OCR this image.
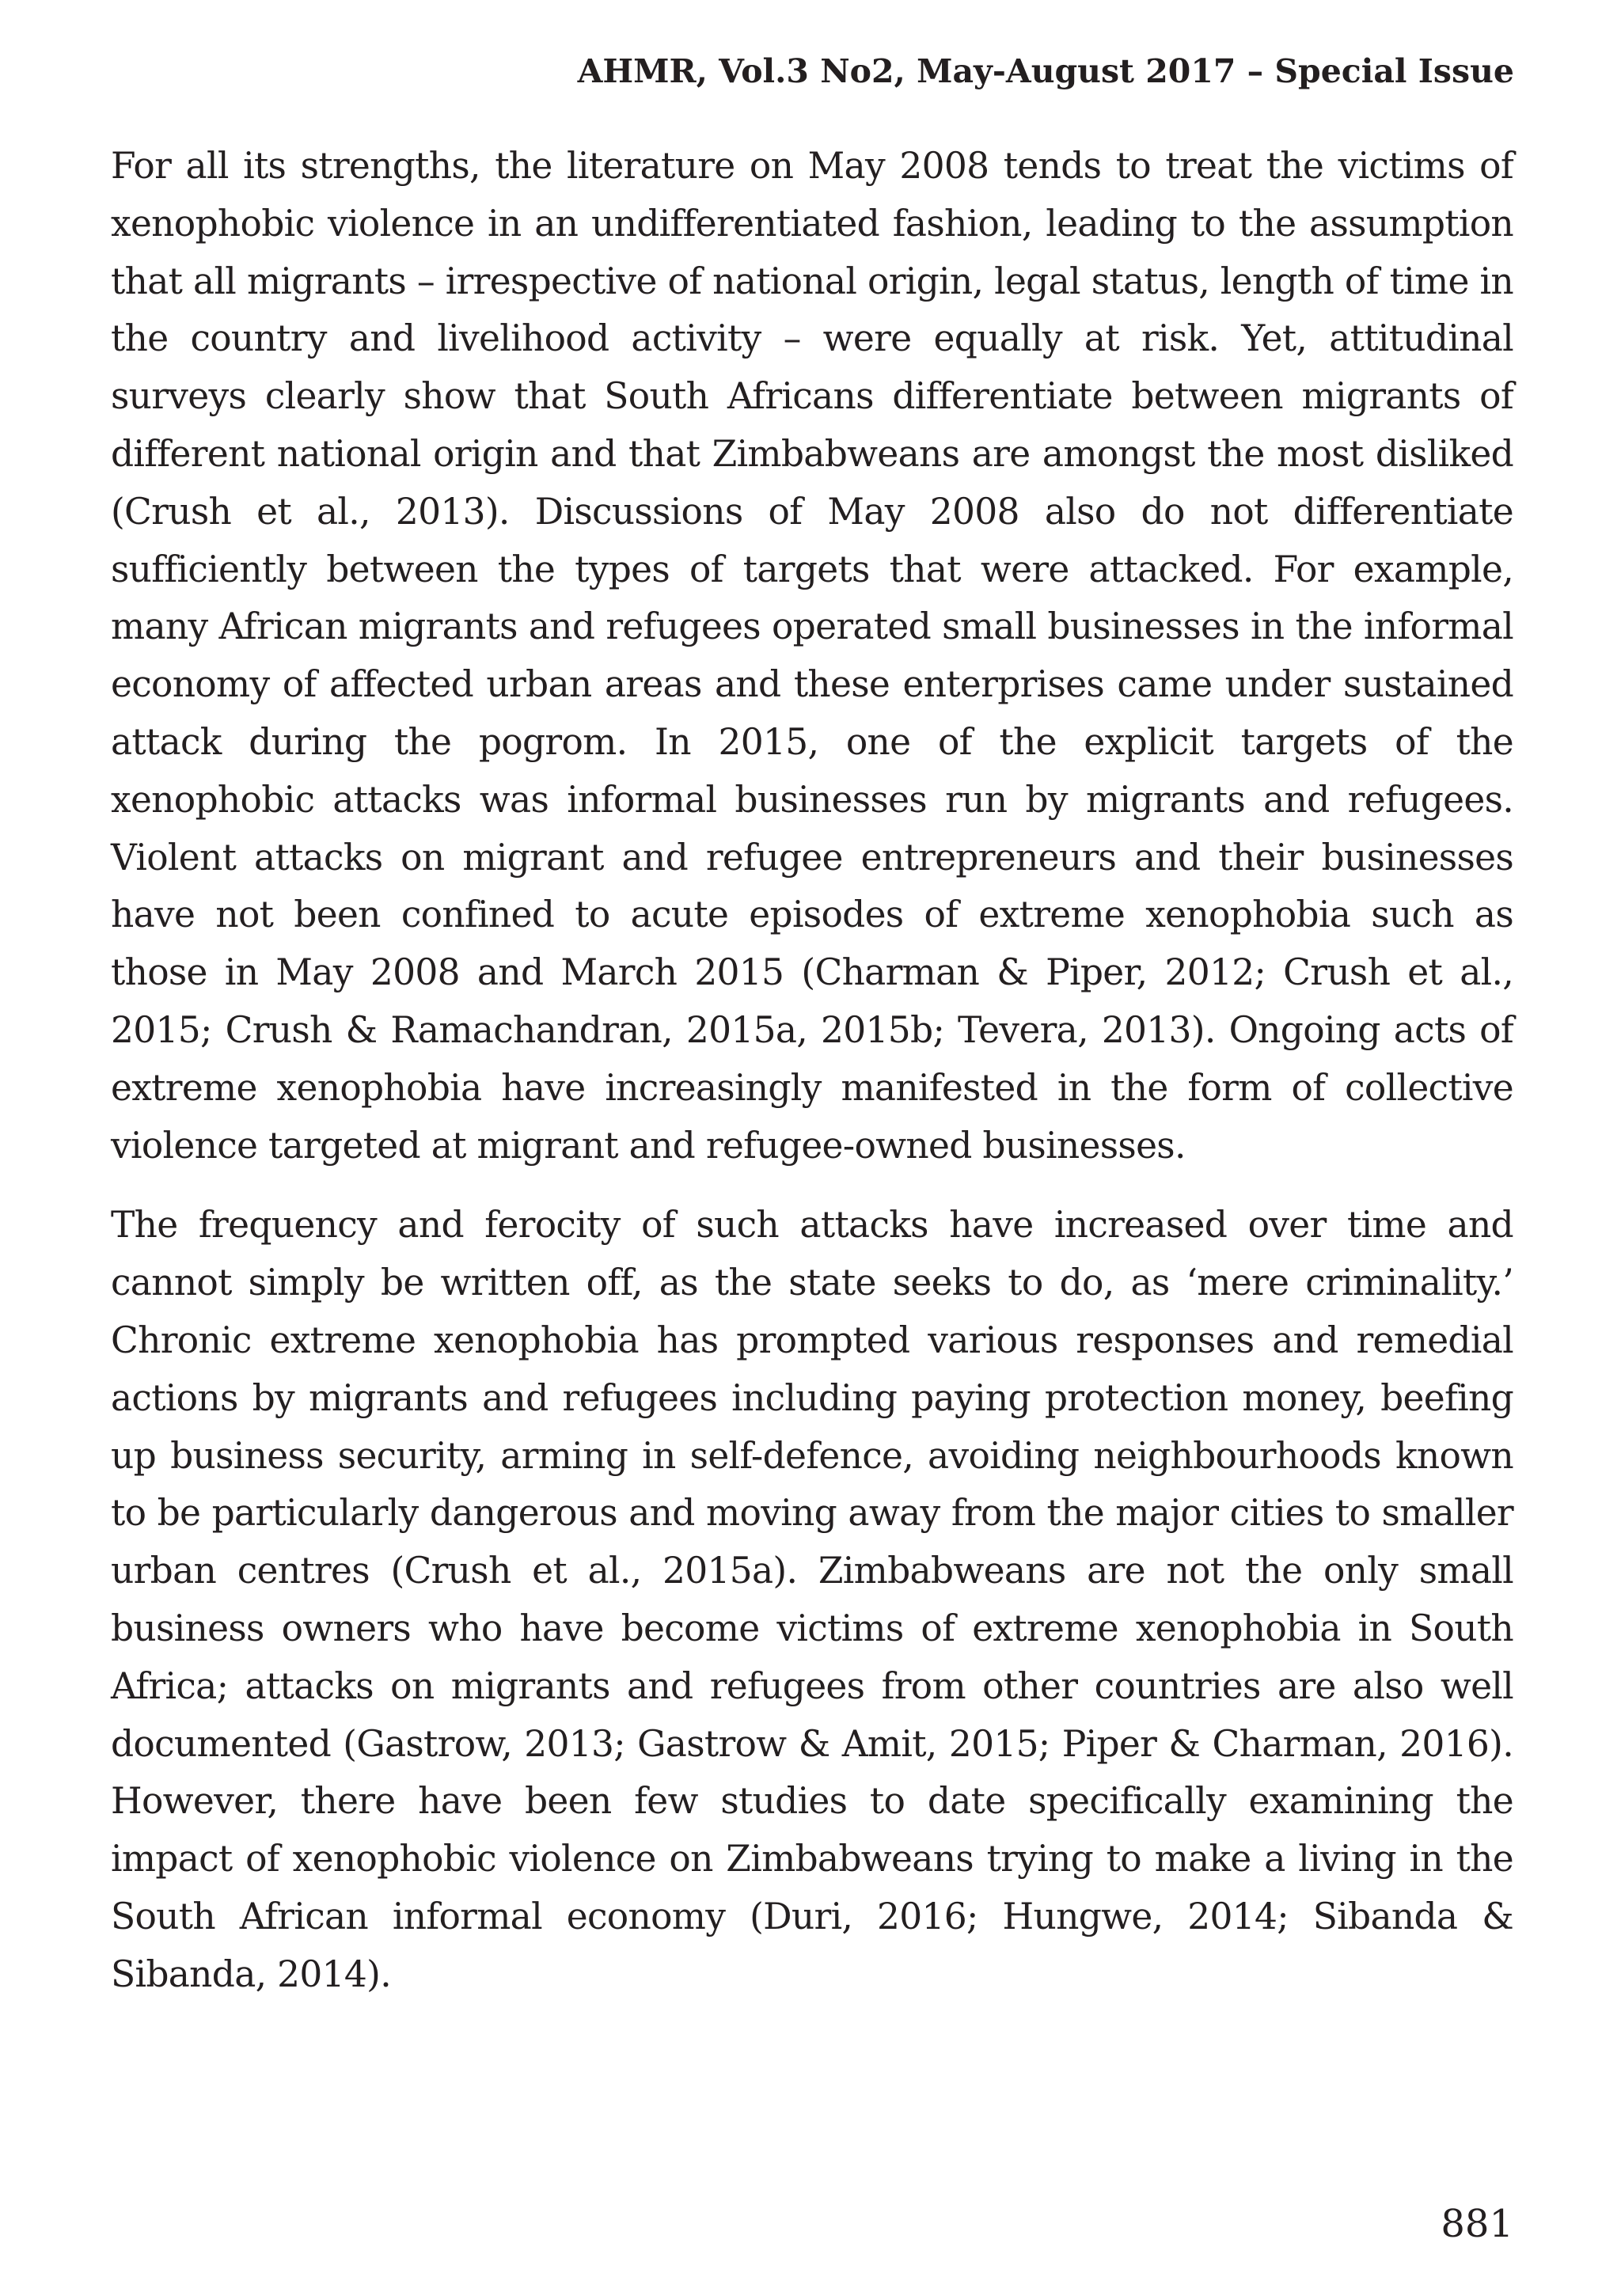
AHMR, Vol.3 No2, May-August 2017 – Special Issue

For all its strengths, the literature on May 2008 tends to treat the victims of xenophobic violence in an undifferentiated fashion, leading to the assumption that all migrants – irrespective of national origin, legal status, length of time in the country and livelihood activity – were equally at risk. Yet, attitudinal surveys clearly show that South Africans differentiate between migrants of different national origin and that Zimbabweans are amongst the most disliked (Crush et al., 2013). Discussions of May 2008 also do not differentiate sufficiently between the types of targets that were attacked. For example, many African migrants and refugees operated small businesses in the informal economy of affected urban areas and these enterprises came under sustained attack during the pogrom. In 2015, one of the explicit targets of the xenophobic attacks was informal businesses run by migrants and refugees. Violent attacks on migrant and refugee entrepreneurs and their businesses have not been confined to acute episodes of extreme xenophobia such as those in May 2008 and March 2015 (Charman & Piper, 2012; Crush et al., 2015; Crush & Ramachandran, 2015a, 2015b; Tevera, 2013). Ongoing acts of extreme xenophobia have increasingly manifested in the form of collective violence targeted at migrant and refugee-owned businesses.

The frequency and ferocity of such attacks have increased over time and cannot simply be written off, as the state seeks to do, as ‘mere criminality.’ Chronic extreme xenophobia has prompted various responses and remedial actions by migrants and refugees including paying protection money, beefing up business security, arming in self-defence, avoiding neighbourhoods known to be particularly dangerous and moving away from the major cities to smaller urban centres (Crush et al., 2015a). Zimbabweans are not the only small business owners who have become victims of extreme xenophobia in South Africa; attacks on migrants and refugees from other countries are also well documented (Gastrow, 2013; Gastrow & Amit, 2015; Piper & Charman, 2016). However, there have been few studies to date specifically examining the impact of xenophobic violence on Zimbabweans trying to make a living in the South African informal economy (Duri, 2016; Hungwe, 2014; Sibanda & Sibanda, 2014).

881
